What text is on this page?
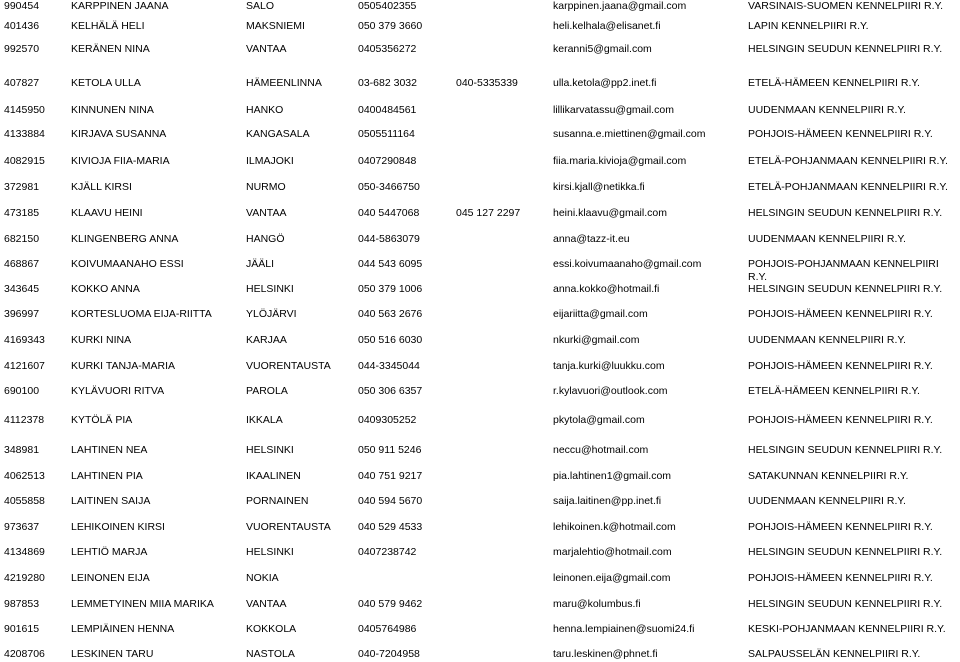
990454	KARPPINEN JAANA	SALO	0505402355	karppinen.jaana@gmail.com	VARSINAIS-SUOMEN KENNELPIIRI R.Y.
401436	KELHÄLÄ HELI	MAKSNIEMI	050 379 3660	heli.kelhala@elisanet.fi	LAPIN KENNELPIIRI R.Y.
992570	KERÄNEN NINA	VANTAA	0405356272	keranni5@gmail.com	HELSINGIN SEUDUN KENNELPIIRI R.Y.
407827	KETOLA ULLA	HÄMEENLINNA	03-682 3032	040-5335339	ulla.ketola@pp2.inet.fi	ETELÄ-HÄMEEN KENNELPIIRI R.Y.
4145950 KINNUNEN NINA	HANKO	0400484561	lillikarvatassu@gmail.com	UUDENMAAN KENNELPIIRI R.Y.
4133884 KIRJAVA SUSANNA	KANGASALA	0505511164	susanna.e.miettinen@gmail.com	POHJOIS-HÄMEEN KENNELPIIRI R.Y.
4082915 KIVIOJA FIIA-MARIA	ILMAJOKI	0407290848	fiia.maria.kivioja@gmail.com	ETELÄ-POHJANMAAN KENNELPIIRI R.Y.
372981	KJÄLL KIRSI	NURMO	050-3466750	kirsi.kjall@netikka.fi	ETELÄ-POHJANMAAN KENNELPIIRI R.Y.
473185	KLAAVU HEINI	VANTAA	040 5447068	045 127 2297	heini.klaavu@gmail.com	HELSINGIN SEUDUN KENNELPIIRI R.Y.
682150	KLINGENBERG ANNA	HANGÖ	044-5863079	anna@tazz-it.eu	UUDENMAAN KENNELPIIRI R.Y.
468867	KOIVUMAANAHO ESSI	JÄÄLI	044 543 6095	essi.koivumaanaho@gmail.com	POHJOIS-POHJANMAAN KENNELPIIRI R.Y.
343645	KOKKO ANNA	HELSINKI	050 379 1006	anna.kokko@hotmail.fi	HELSINGIN SEUDUN KENNELPIIRI R.Y.
396997	KORTESLUOMA EIJA-RIITTA	YLÖJÄRVI	040 563 2676	eijariitta@gmail.com	POHJOIS-HÄMEEN KENNELPIIRI R.Y.
4169343 KURKI NINA	KARJAA	050 516 6030	nkurki@gmail.com	UUDENMAAN KENNELPIIRI R.Y.
4121607 KURKI TANJA-MARIA	VUORENTAUSTA	044-3345044	tanja.kurki@luukku.com	POHJOIS-HÄMEEN KENNELPIIRI R.Y.
690100	KYLÄVUORI RITVA	PAROLA	050 306 6357	r.kylavuori@outlook.com	ETELÄ-HÄMEEN KENNELPIIRI R.Y.
4112378	KYTÖLÄ PIA	IKKALA	0409305252	pkytola@gmail.com	POHJOIS-HÄMEEN KENNELPIIRI R.Y.
348981	LAHTINEN NEA	HELSINKI	050 911 5246	neccu@hotmail.com	HELSINGIN SEUDUN KENNELPIIRI R.Y.
4062513 LAHTINEN PIA	IKAALINEN	040 751 9217	pia.lahtinen1@gmail.com	SATAKUNNAN KENNELPIIRI R.Y.
4055858 LAITINEN SAIJA	PORNAINEN	040 594 5670	saija.laitinen@pp.inet.fi	UUDENMAAN KENNELPIIRI R.Y.
973637	LEHIKOINEN KIRSI	VUORENTAUSTA	040 529 4533	lehikoinen.k@hotmail.com	POHJOIS-HÄMEEN KENNELPIIRI R.Y.
4134869 LEHTIÖ MARJA	HELSINKI	0407238742	marjalehtio@hotmail.com	HELSINGIN SEUDUN KENNELPIIRI R.Y.
4219280 LEINONEN EIJA	NOKIA	leinonen.eija@gmail.com	POHJOIS-HÄMEEN KENNELPIIRI R.Y.
987853	LEMMETYINEN MIIA MARIKA	VANTAA	040 579 9462	maru@kolumbus.fi	HELSINGIN SEUDUN KENNELPIIRI R.Y.
901615	LEMPIÄINEN HENNA	KOKKOLA	0405764986	henna.lempiainen@suomi24.fi	KESKI-POHJANMAAN KENNELPIIRI R.Y.
4208706 LESKINEN TARU	NASTOLA	040-7204958	taru.leskinen@phnet.fi	SALPAUSSELÄN KENNELPIIRI R.Y.
